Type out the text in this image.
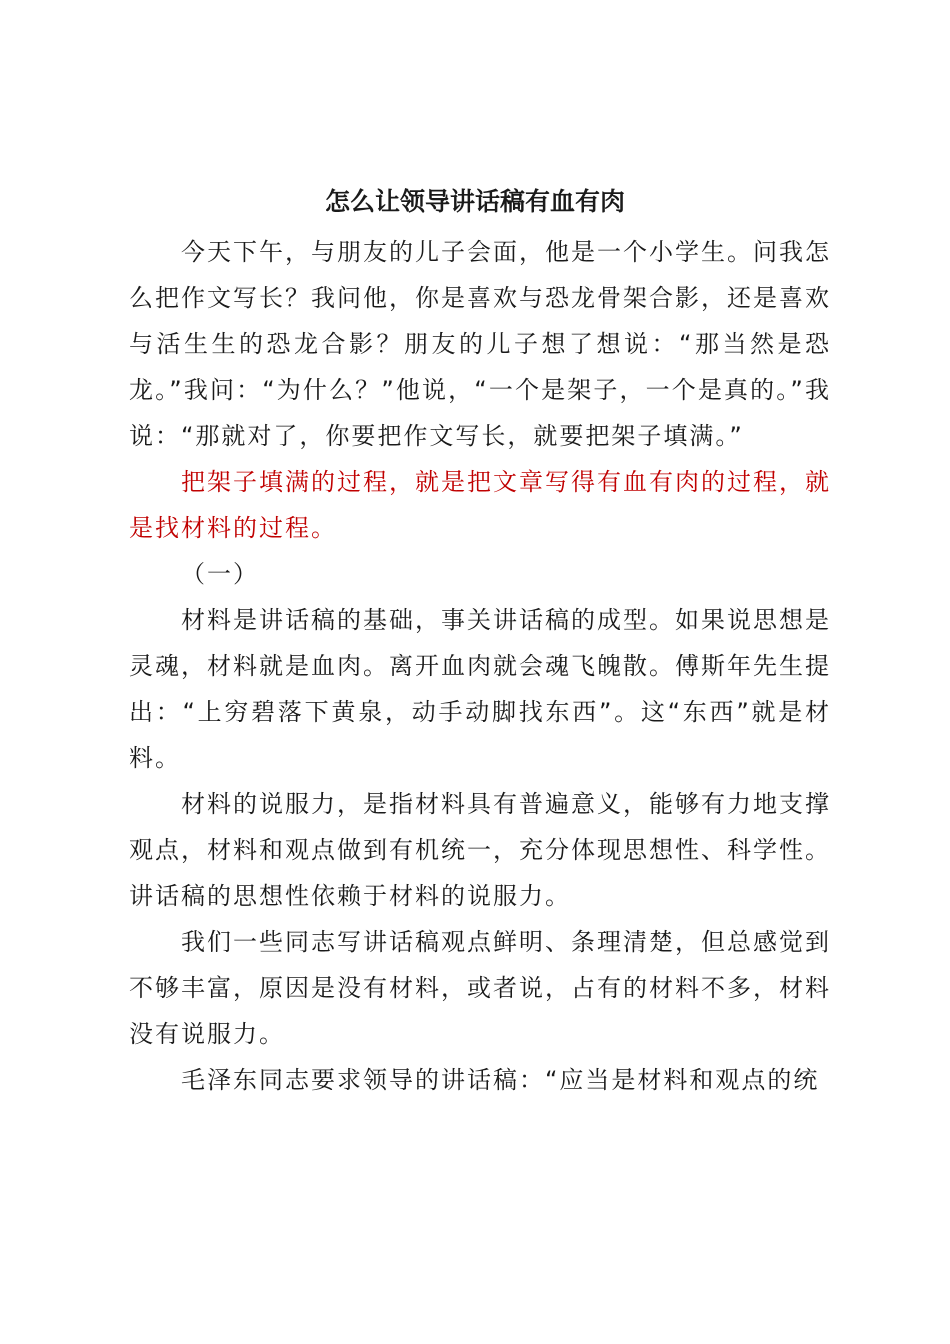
怎么让领导讲话稿有血有肉

今天下午，与朋友的儿子会面，他是一个小学生。问我怎么把作文写长？我问他，你是喜欢与恐龙骨架合影，还是喜欢与活生生的恐龙合影？朋友的儿子想了想说：“那当然是恐龙。”我问：“为什么？”他说，“一个是架子，一个是真的。”我说：“那就对了，你要把作文写长，就要把架子填满。”

把架子填满的过程，就是把文章写得有血有肉的过程，就是找材料的过程。

（一）

材料是讲话稿的基础，事关讲话稿的成型。如果说思想是灵魂，材料就是血肉。离开血肉就会魂飞魄散。傅斯年先生提出：“上穷碧落下黄泉，动手动脚找东西”。这“东西”就是材料。

材料的说服力，是指材料具有普遍意义，能够有力地支撑观点，材料和观点做到有机统一，充分体现思想性、科学性。讲话稿的思想性依赖于材料的说服力。

我们一些同志写讲话稿观点鲜明、条理清楚，但总感觉到不够丰富，原因是没有材料，或者说，占有的材料不多，材料没有说服力。

毛泽东同志要求领导的讲话稿：“应当是材料和观点的统
